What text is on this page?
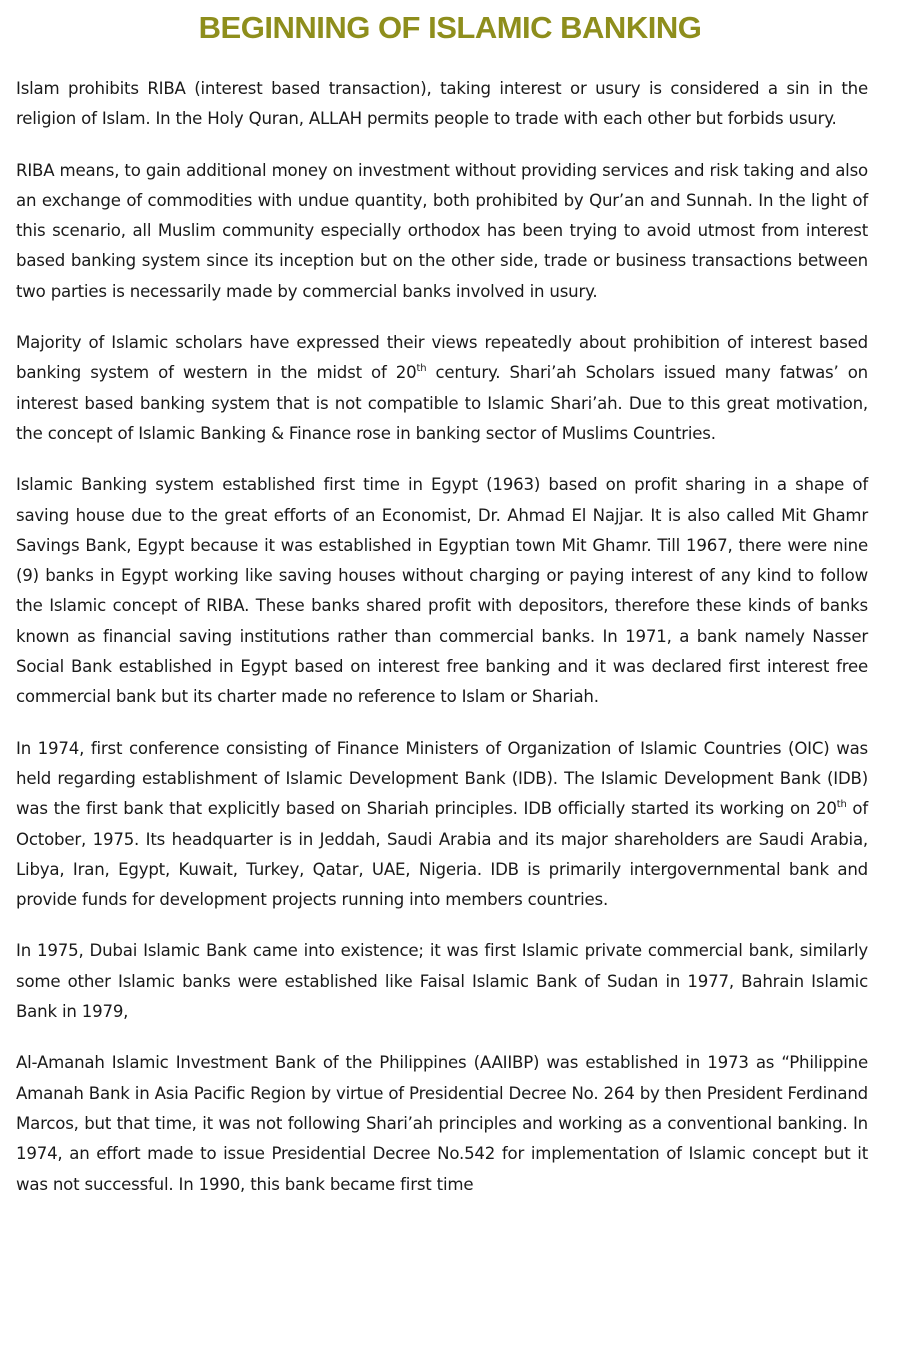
BEGINNING OF ISLAMIC BANKING

Islam prohibits RIBA (interest based transaction), taking interest or usury is considered a sin in the religion of Islam. In the Holy Quran, ALLAH permits people to trade with each other but forbids usury.

RIBA means, to gain additional money on investment without providing services and risk taking and also an exchange of commodities with undue quantity, both prohibited by Qur’an and Sunnah. In the light of this scenario, all Muslim community especially orthodox has been trying to avoid utmost from interest based banking system since its inception but on the other side, trade or business transactions between two parties is necessarily made by commercial banks involved in usury.

Majority of Islamic scholars have expressed their views repeatedly about prohibition of interest based banking system of western in the midst of 20th century. Shari’ah Scholars issued many fatwas’ on interest based banking system that is not compatible to Islamic Shari’ah. Due to this great motivation, the concept of Islamic Banking & Finance rose in banking sector of Muslims Countries.

Islamic Banking system established first time in Egypt (1963) based on profit sharing in a shape of saving house due to the great efforts of an Economist, Dr. Ahmad El Najjar. It is also called Mit Ghamr Savings Bank, Egypt because it was established in Egyptian town Mit Ghamr. Till 1967, there were nine (9) banks in Egypt working like saving houses without charging or paying interest of any kind to follow the Islamic concept of RIBA. These banks shared profit with depositors, therefore these kinds of banks known as financial saving institutions rather than commercial banks. In 1971, a bank namely Nasser Social Bank established in Egypt based on interest free banking and it was declared first interest free commercial bank but its charter made no reference to Islam or Shariah.

In 1974, first conference consisting of Finance Ministers of Organization of Islamic Countries (OIC) was held regarding establishment of Islamic Development Bank (IDB). The Islamic Development Bank (IDB) was the first bank that explicitly based on Shariah principles. IDB officially started its working on 20th of October, 1975. Its headquarter is in Jeddah, Saudi Arabia and its major shareholders are Saudi Arabia, Libya, Iran, Egypt, Kuwait, Turkey, Qatar, UAE, Nigeria. IDB is primarily intergovernmental bank and provide funds for development projects running into members countries.

In 1975, Dubai Islamic Bank came into existence; it was first Islamic private commercial bank, similarly some other Islamic banks were established like Faisal Islamic Bank of Sudan in 1977, Bahrain Islamic Bank in 1979,

Al-Amanah Islamic Investment Bank of the Philippines (AAIIBP) was established in 1973 as “Philippine Amanah Bank in Asia Pacific Region by virtue of Presidential Decree No. 264 by then President Ferdinand Marcos, but that time, it was not following Shari’ah principles and working as a conventional banking. In 1974, an effort made to issue Presidential Decree No.542 for implementation of Islamic concept but it was not successful. In 1990, this bank became first time
